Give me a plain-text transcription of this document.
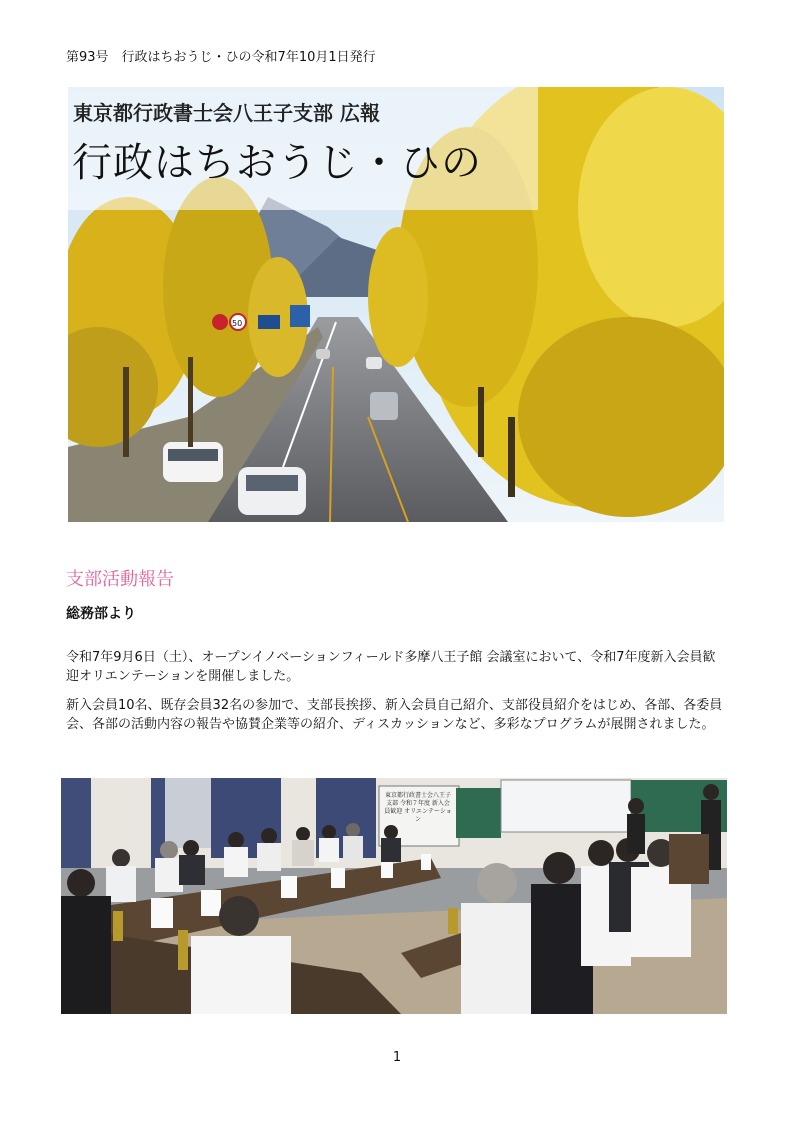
第93号　行政はちおうじ・ひの令和7年10月1日発行
50
東京都行政書士会八王子支部 広報
行政はちおうじ・ひの
支部活動報告
総務部より

令和7年9月6日（土）、オープンイノベーションフィールド多摩八王子館 会議室において、令和7年度新入会員歓迎オリエンテーションを開催しました。

新入会員10名、既存会員32名の参加で、支部長挨拶、新入会員自己紹介、支部役員紹介をはじめ、各部、各委員会、各部の活動内容の報告や協賛企業等の紹介、ディスカッションなど、多彩なプログラムが展開されました。

東京都行政書士会八王子支部 令和７年度 新入会員歓迎 オリエンテーション
1
